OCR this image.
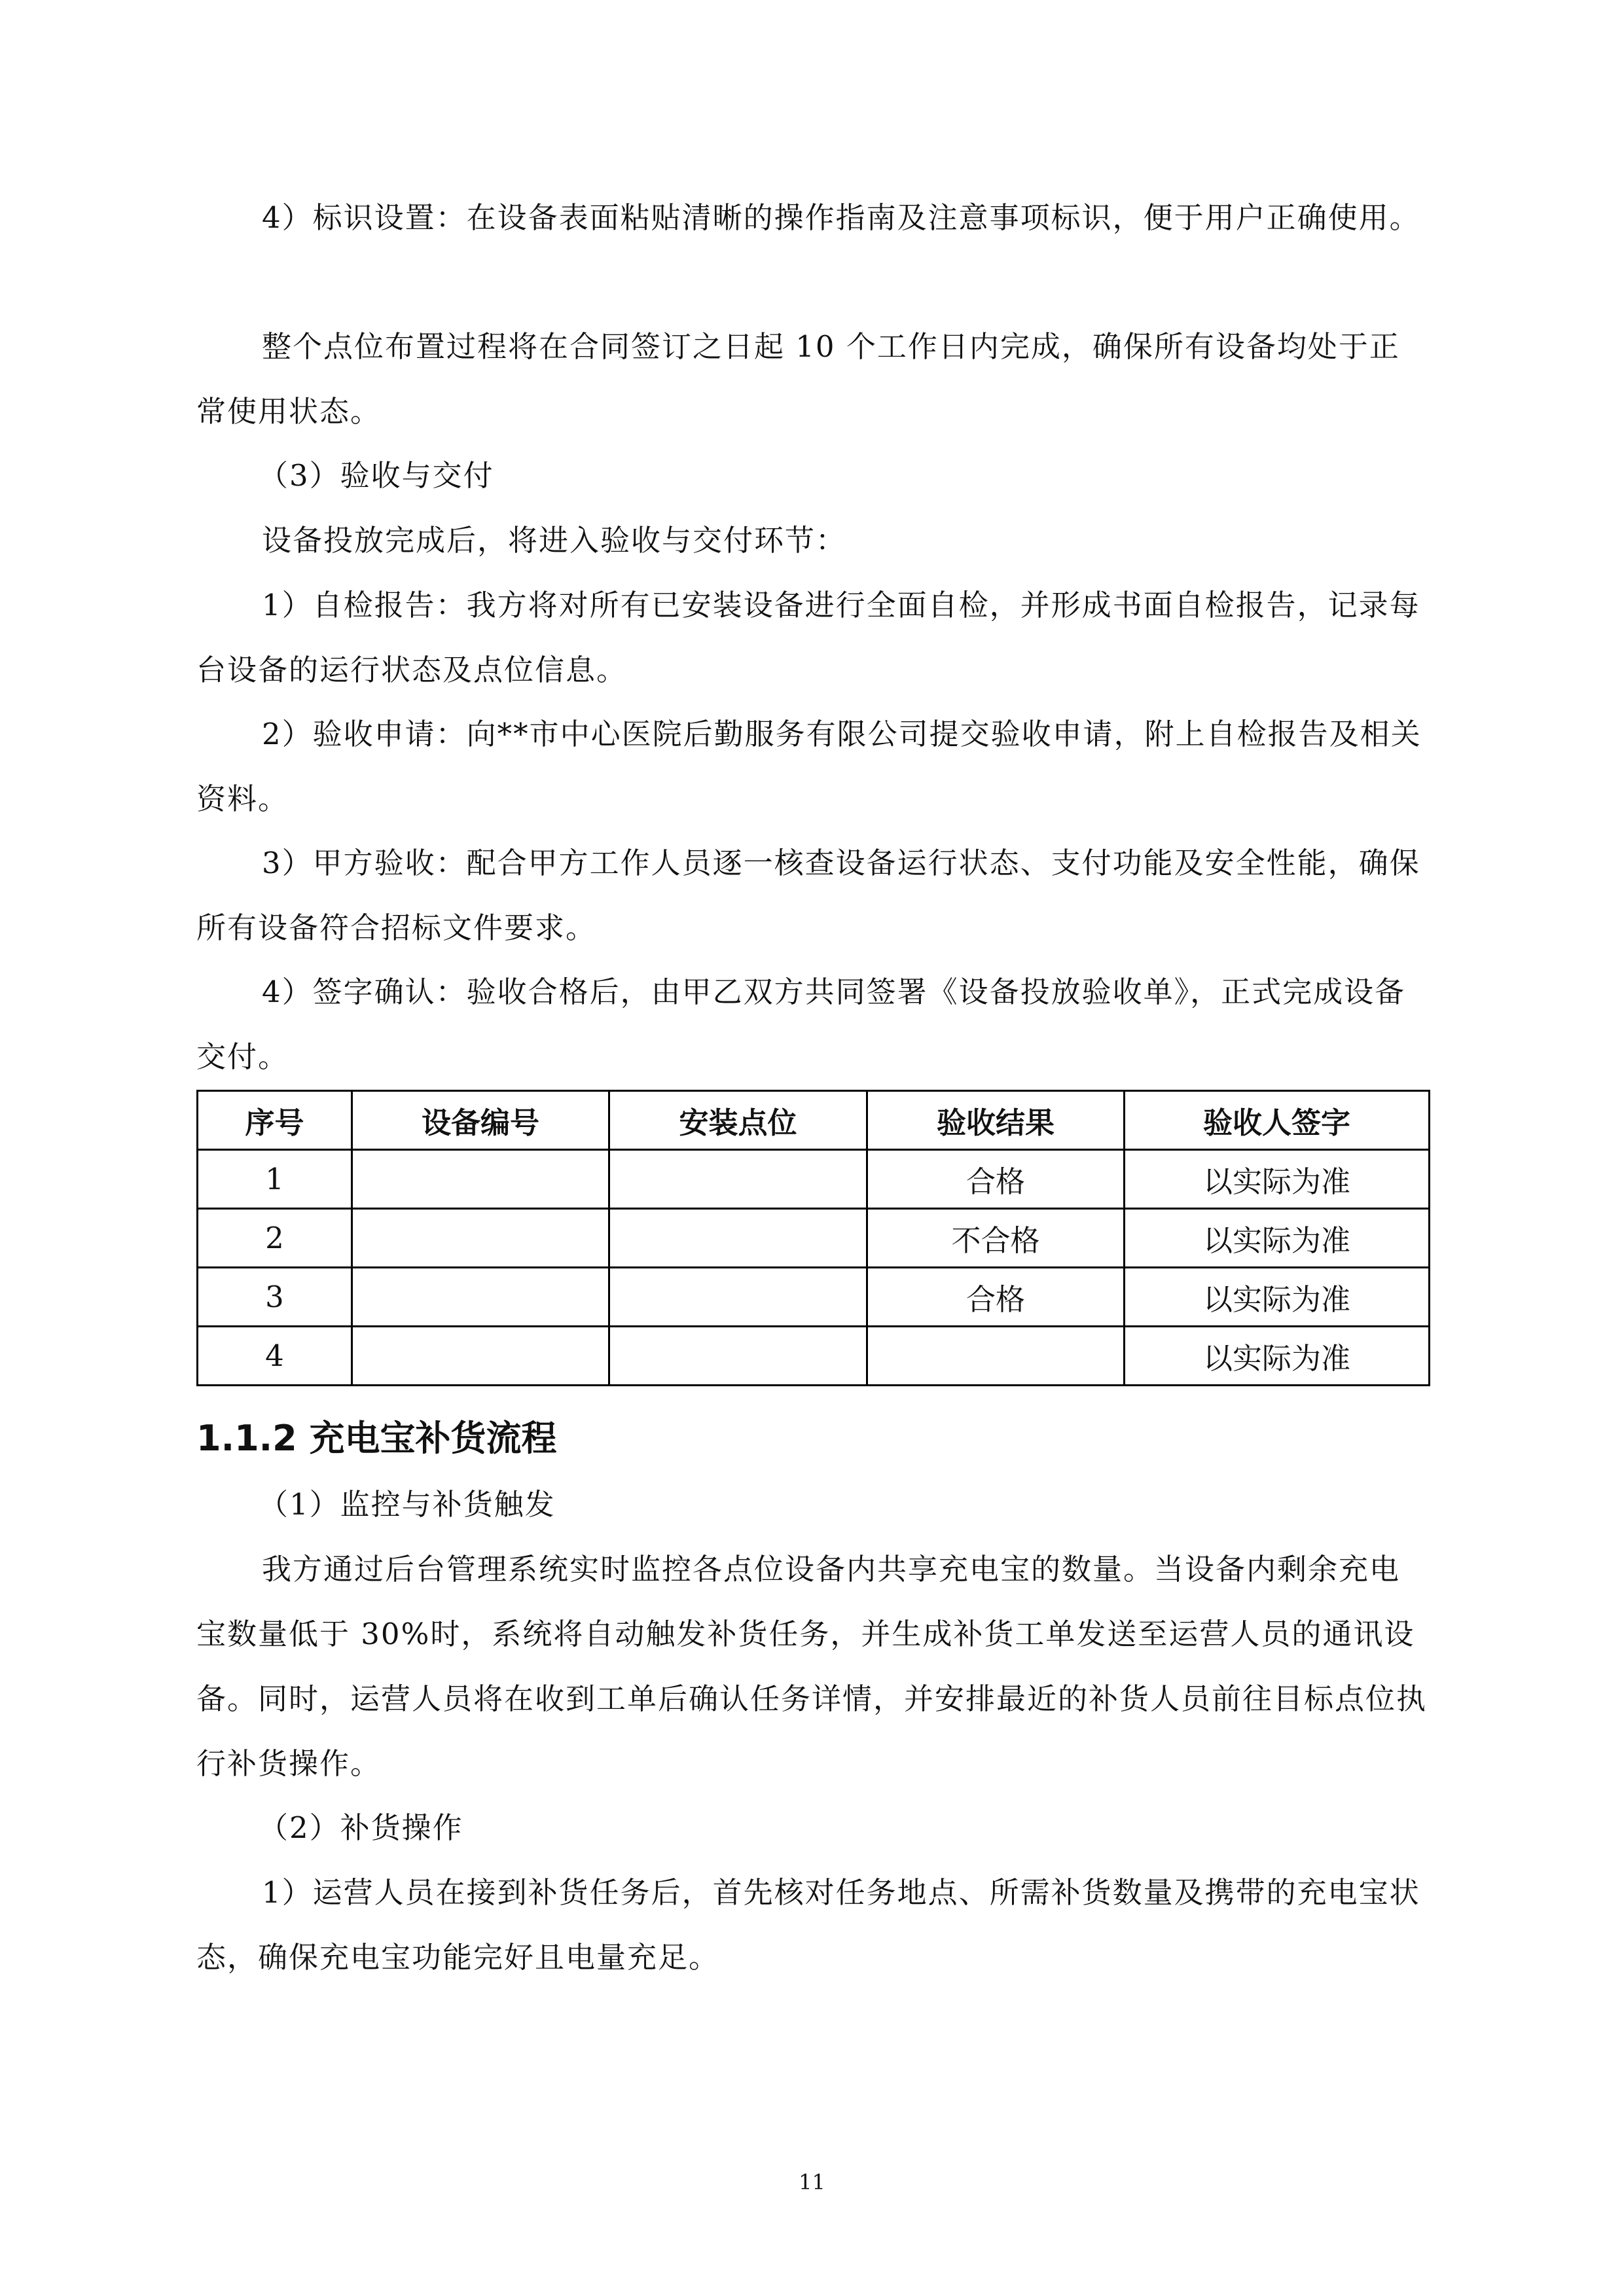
4）标识设置：在设备表面粘贴清晰的操作指南及注意事项标识，便于用户正确使用。

整个点位布置过程将在合同签订之日起 10 个工作日内完成，确保所有设备均处于正常使用状态。

（3）验收与交付

设备投放完成后，将进入验收与交付环节：

1）自检报告：我方将对所有已安装设备进行全面自检，并形成书面自检报告，记录每台设备的运行状态及点位信息。

2）验收申请：向**市中心医院后勤服务有限公司提交验收申请，附上自检报告及相关资料。

3）甲方验收：配合甲方工作人员逐一核查设备运行状态、支付功能及安全性能，确保所有设备符合招标文件要求。

4）签字确认：验收合格后，由甲乙双方共同签署《设备投放验收单》，正式完成设备交付。

序号	设备编号	安装点位	验收结果	验收人签字
1			合格	以实际为准
2			不合格	以实际为准
3			合格	以实际为准
4				以实际为准
1.1.2 充电宝补货流程

（1）监控与补货触发

我方通过后台管理系统实时监控各点位设备内共享充电宝的数量。当设备内剩余充电宝数量低于 30%时，系统将自动触发补货任务，并生成补货工单发送至运营人员的通讯设备。同时，运营人员将在收到工单后确认任务详情，并安排最近的补货人员前往目标点位执行补货操作。

（2）补货操作

1）运营人员在接到补货任务后，首先核对任务地点、所需补货数量及携带的充电宝状态，确保充电宝功能完好且电量充足。

11
